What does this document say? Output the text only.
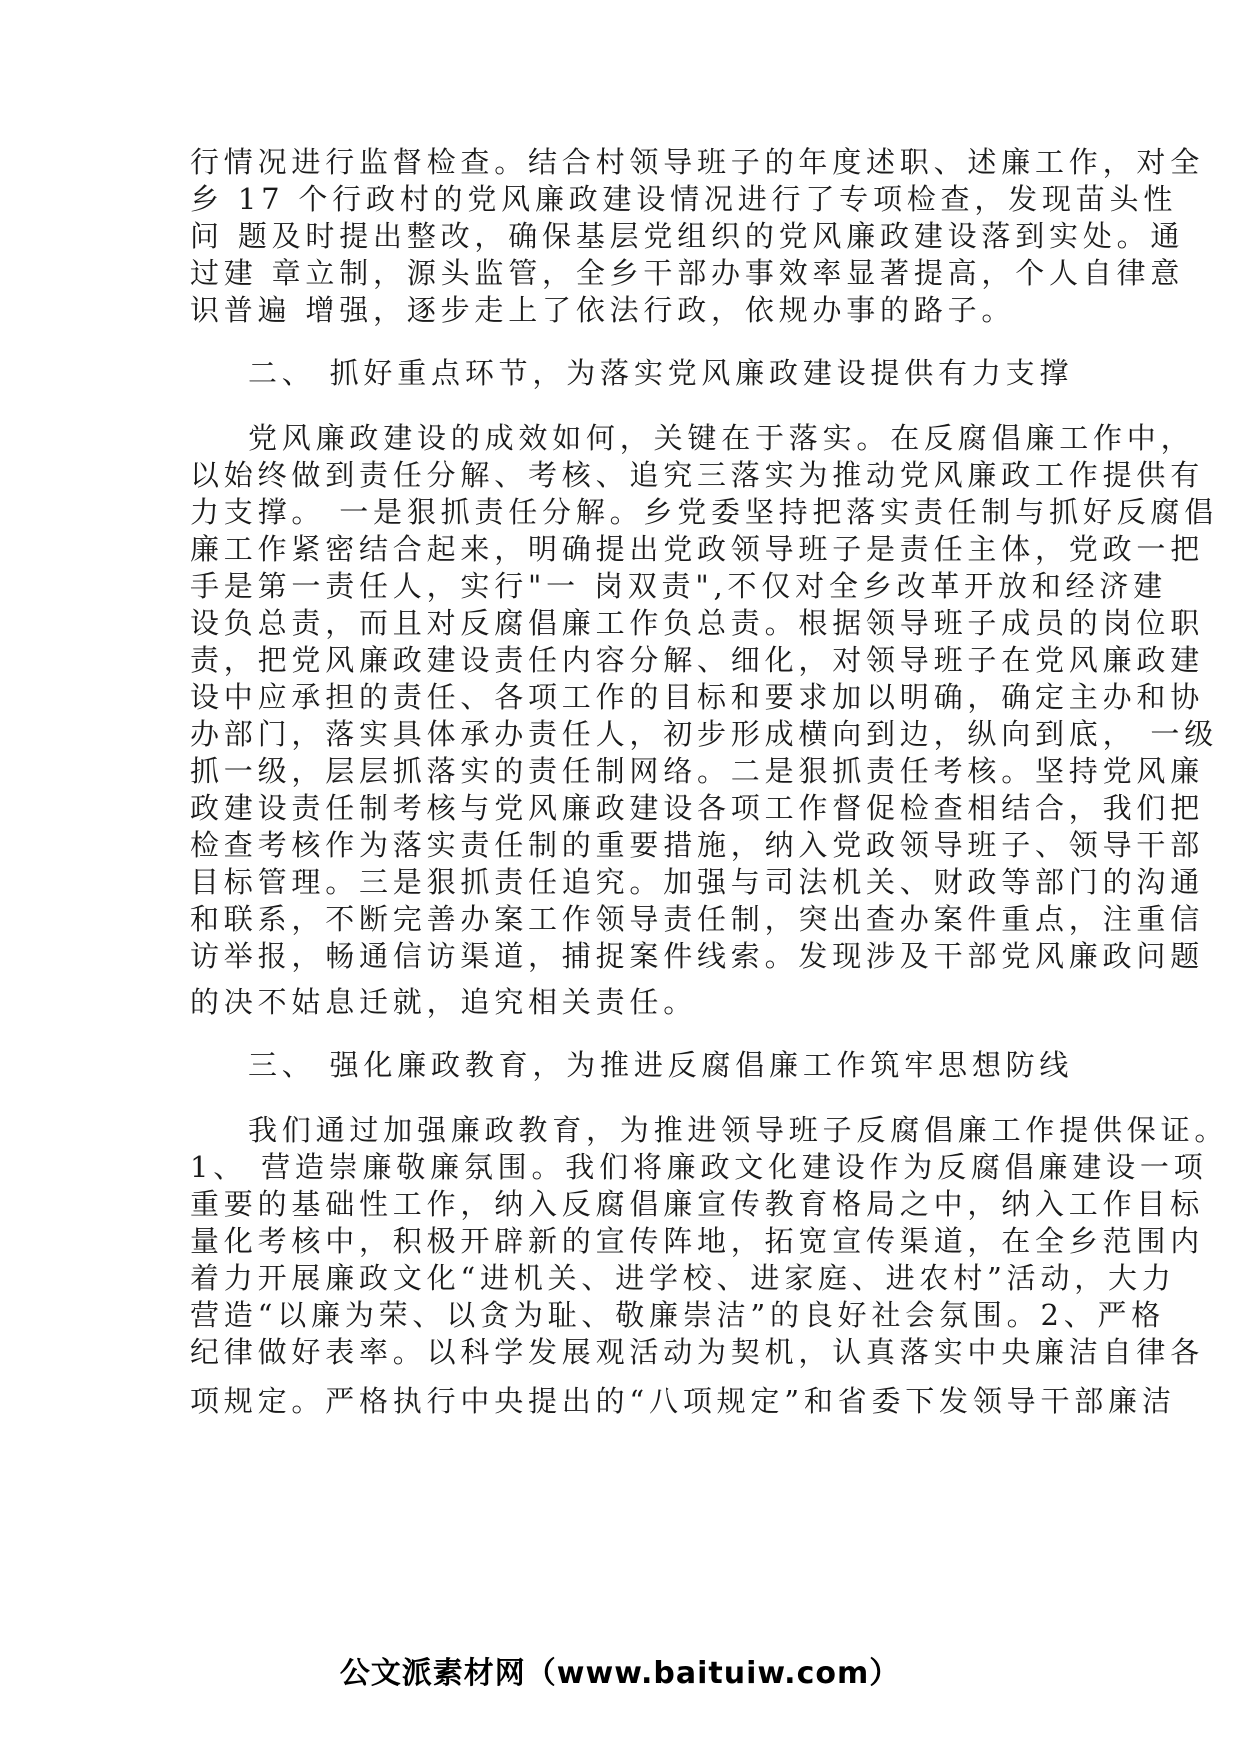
行情况进行监督检查。结合村领导班子的年度述职、述廉工作，对全
乡 17 个行政村的党风廉政建设情况进行了专项检查，发现苗头性
问 题及时提出整改，确保基层党组织的党风廉政建设落到实处。通
过建 章立制，源头监管，全乡干部办事效率显著提高，个人自律意
识普遍 增强，逐步走上了依法行政，依规办事的路子。
二、 抓好重点环节，为落实党风廉政建设提供有力支撑
党风廉政建设的成效如何，关键在于落实。在反腐倡廉工作中，
以始终做到责任分解、考核、追究三落实为推动党风廉政工作提供有
力支撑。 一是狠抓责任分解。乡党委坚持把落实责任制与抓好反腐倡
廉工作紧密结合起来，明确提出党政领导班子是责任主体，党政一把
手是第一责任人，实行"一 岗双责",不仅对全乡改革开放和经济建
设负总责，而且对反腐倡廉工作负总责。根据领导班子成员的岗位职
责，把党风廉政建设责任内容分解、细化，对领导班子在党风廉政建
设中应承担的责任、各项工作的目标和要求加以明确，确定主办和协
办部门，落实具体承办责任人，初步形成横向到边，纵向到底， 一级
抓一级，层层抓落实的责任制网络。二是狠抓责任考核。坚持党风廉
政建设责任制考核与党风廉政建设各项工作督促检查相结合，我们把
检查考核作为落实责任制的重要措施，纳入党政领导班子、领导干部
目标管理。三是狠抓责任追究。加强与司法机关、财政等部门的沟通
和联系，不断完善办案工作领导责任制，突出查办案件重点，注重信
访举报，畅通信访渠道，捕捉案件线索。发现涉及干部党风廉政问题
的决不姑息迁就，追究相关责任。
三、 强化廉政教育，为推进反腐倡廉工作筑牢思想防线
我们通过加强廉政教育，为推进领导班子反腐倡廉工作提供保证。
1、 营造崇廉敬廉氛围。我们将廉政文化建设作为反腐倡廉建设一项
重要的基础性工作，纳入反腐倡廉宣传教育格局之中，纳入工作目标
量化考核中，积极开辟新的宣传阵地，拓宽宣传渠道，在全乡范围内
着力开展廉政文化“进机关、进学校、进家庭、进农村”活动，大力
营造“以廉为荣、以贪为耻、敬廉崇洁”的良好社会氛围。2、严格
纪律做好表率。以科学发展观活动为契机，认真落实中央廉洁自律各
项规定。严格执行中央提出的“八项规定”和省委下发领导干部廉洁
公文派素材网（www.baituiw.com）
